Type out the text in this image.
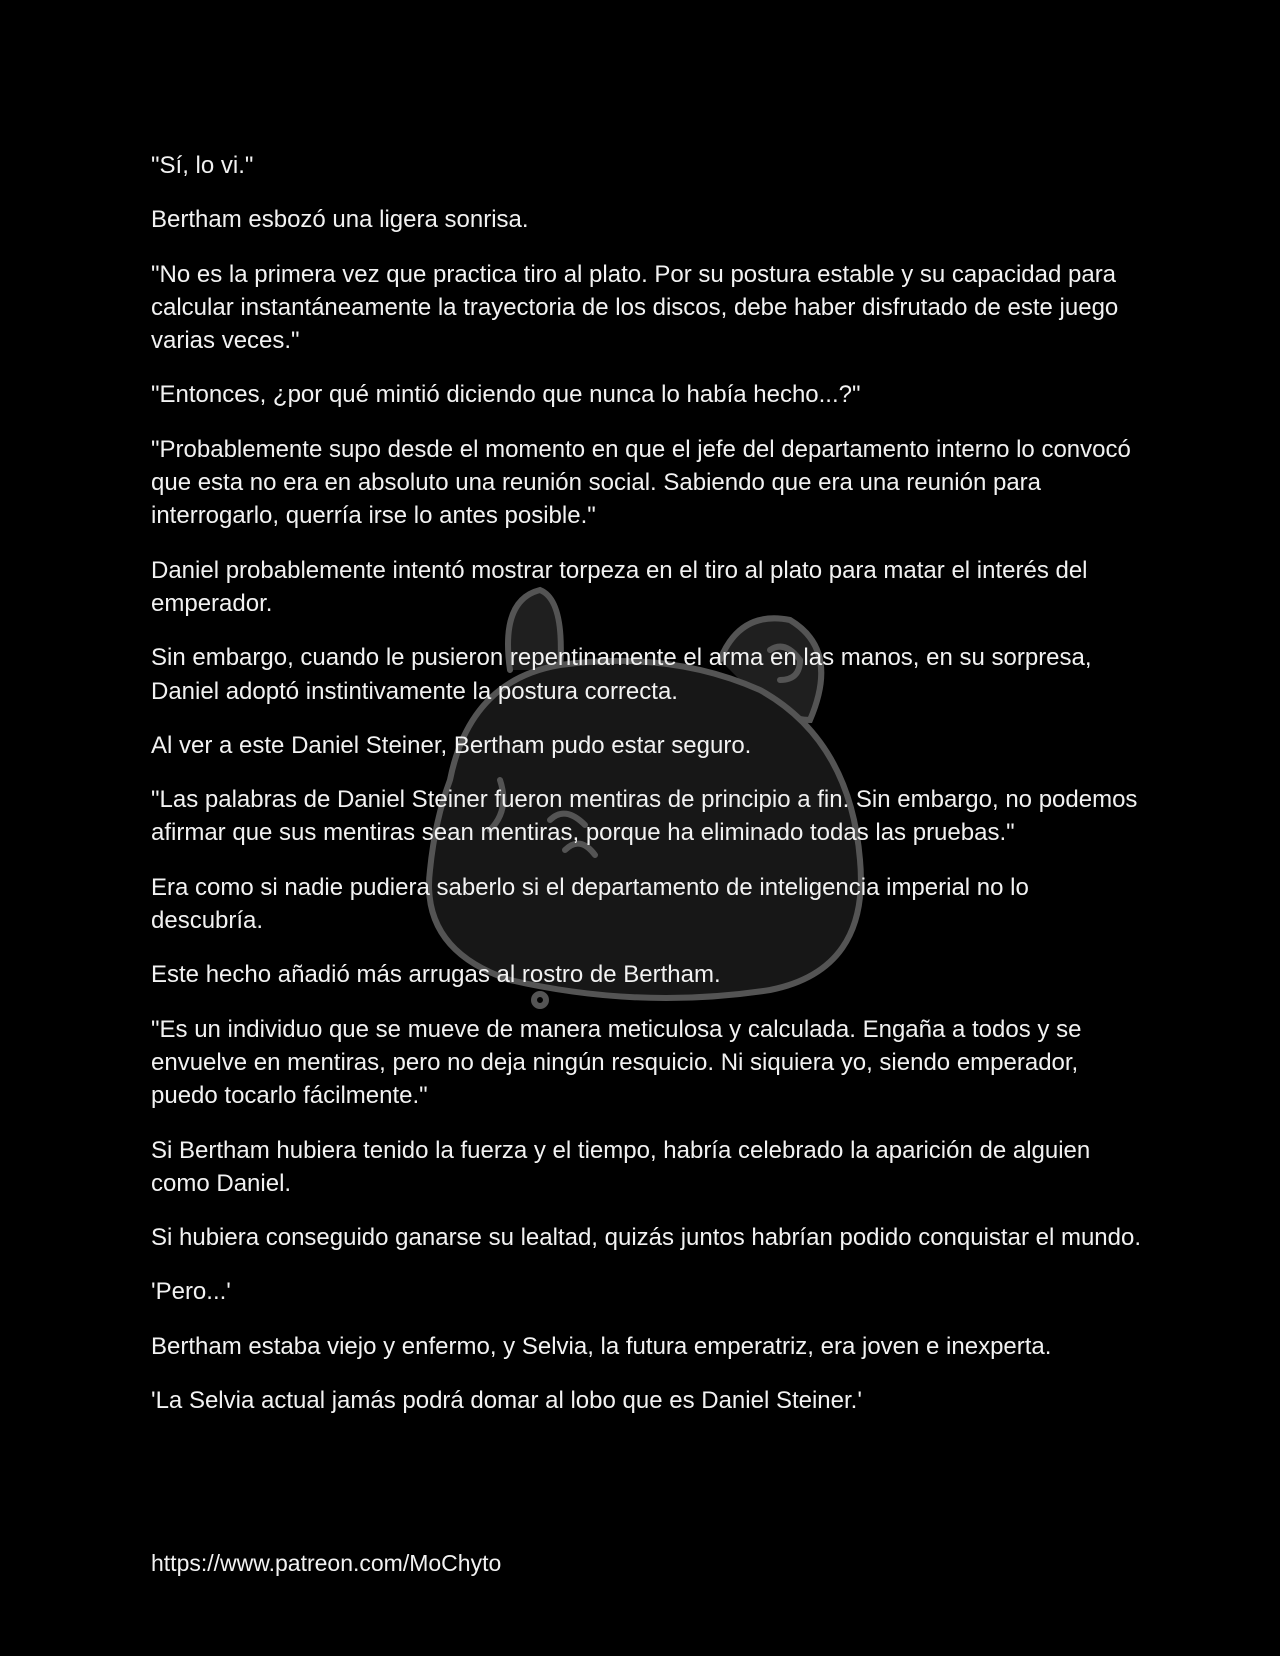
"Sí, lo vi."

Bertham esbozó una ligera sonrisa.

"No es la primera vez que practica tiro al plato. Por su postura estable y su capacidad para calcular instantáneamente la trayectoria de los discos, debe haber disfrutado de este juego varias veces."

"Entonces, ¿por qué mintió diciendo que nunca lo había hecho...?"

"Probablemente supo desde el momento en que el jefe del departamento interno lo convocó que esta no era en absoluto una reunión social. Sabiendo que era una reunión para interrogarlo, querría irse lo antes posible."

Daniel probablemente intentó mostrar torpeza en el tiro al plato para matar el interés del emperador.

Sin embargo, cuando le pusieron repentinamente el arma en las manos, en su sorpresa, Daniel adoptó instintivamente la postura correcta.

Al ver a este Daniel Steiner, Bertham pudo estar seguro.

"Las palabras de Daniel Steiner fueron mentiras de principio a fin. Sin embargo, no podemos afirmar que sus mentiras sean mentiras, porque ha eliminado todas las pruebas."

Era como si nadie pudiera saberlo si el departamento de inteligencia imperial no lo descubría.

Este hecho añadió más arrugas al rostro de Bertham.

"Es un individuo que se mueve de manera meticulosa y calculada. Engaña a todos y se envuelve en mentiras, pero no deja ningún resquicio. Ni siquiera yo, siendo emperador, puedo tocarlo fácilmente."

Si Bertham hubiera tenido la fuerza y el tiempo, habría celebrado la aparición de alguien como Daniel.

Si hubiera conseguido ganarse su lealtad, quizás juntos habrían podido conquistar el mundo.

'Pero...'

Bertham estaba viejo y enfermo, y Selvia, la futura emperatriz, era joven e inexperta.

'La Selvia actual jamás podrá domar al lobo que es Daniel Steiner.'

https://www.patreon.com/MoChyto
